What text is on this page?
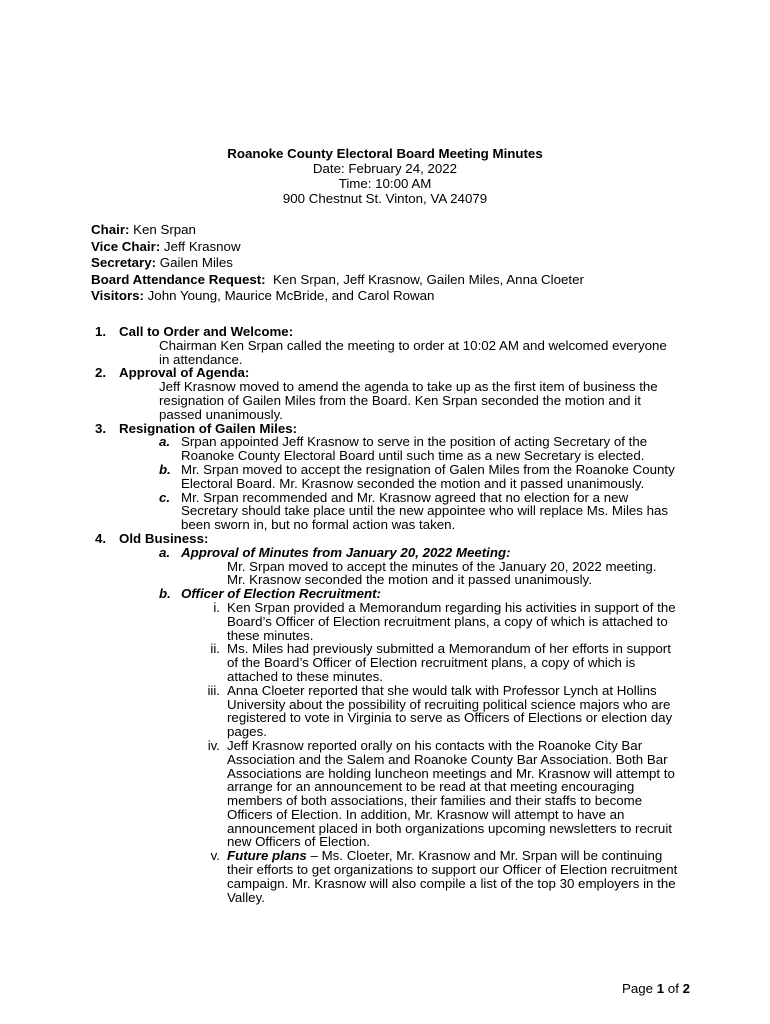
Roanoke County Electoral Board Meeting Minutes
Date: February 24, 2022
Time: 10:00 AM
900 Chestnut St. Vinton, VA 24079
Chair: Ken Srpan
Vice Chair: Jeff Krasnow
Secretary: Gailen Miles
Board Attendance Request:  Ken Srpan, Jeff Krasnow, Gailen Miles, Anna Cloeter
Visitors: John Young, Maurice McBride, and Carol Rowan
1. Call to Order and Welcome:
Chairman Ken Srpan called the meeting to order at 10:02 AM and welcomed everyone in attendance.
2. Approval of Agenda:
Jeff Krasnow moved to amend the agenda to take up as the first item of business the resignation of Gailen Miles from the Board. Ken Srpan seconded the motion and it passed unanimously.
3. Resignation of Gailen Miles:
a. Srpan appointed Jeff Krasnow to serve in the position of acting Secretary of the Roanoke County Electoral Board until such time as a new Secretary is elected.
b. Mr. Srpan moved to accept the resignation of Galen Miles from the Roanoke County Electoral Board. Mr. Krasnow seconded the motion and it passed unanimously.
c. Mr. Srpan recommended and Mr. Krasnow agreed that no election for a new Secretary should take place until the new appointee who will replace Ms. Miles has been sworn in, but no formal action was taken.
4. Old Business:
a. Approval of Minutes from January 20, 2022 Meeting:
Mr. Srpan moved to accept the minutes of the January 20, 2022 meeting. Mr. Krasnow seconded the motion and it passed unanimously.
b. Officer of Election Recruitment:
i. Ken Srpan provided a Memorandum regarding his activities in support of the Board’s Officer of Election recruitment plans, a copy of which is attached to these minutes.
ii. Ms. Miles had previously submitted a Memorandum of her efforts in support of the Board’s Officer of Election recruitment plans, a copy of which is attached to these minutes.
iii. Anna Cloeter reported that she would talk with Professor Lynch at Hollins University about the possibility of recruiting political science majors who are registered to vote in Virginia to serve as Officers of Elections or election day pages.
iv. Jeff Krasnow reported orally on his contacts with the Roanoke City Bar Association and the Salem and Roanoke County Bar Association. Both Bar Associations are holding luncheon meetings and Mr. Krasnow will attempt to arrange for an announcement to be read at that meeting encouraging members of both associations, their families and their staffs to become Officers of Election. In addition, Mr. Krasnow will attempt to have an announcement placed in both organizations upcoming newsletters to recruit new Officers of Election.
v. Future plans – Ms. Cloeter, Mr. Krasnow and Mr. Srpan will be continuing their efforts to get organizations to support our Officer of Election recruitment campaign. Mr. Krasnow will also compile a list of the top 30 employers in the Valley.
Page 1 of 2
